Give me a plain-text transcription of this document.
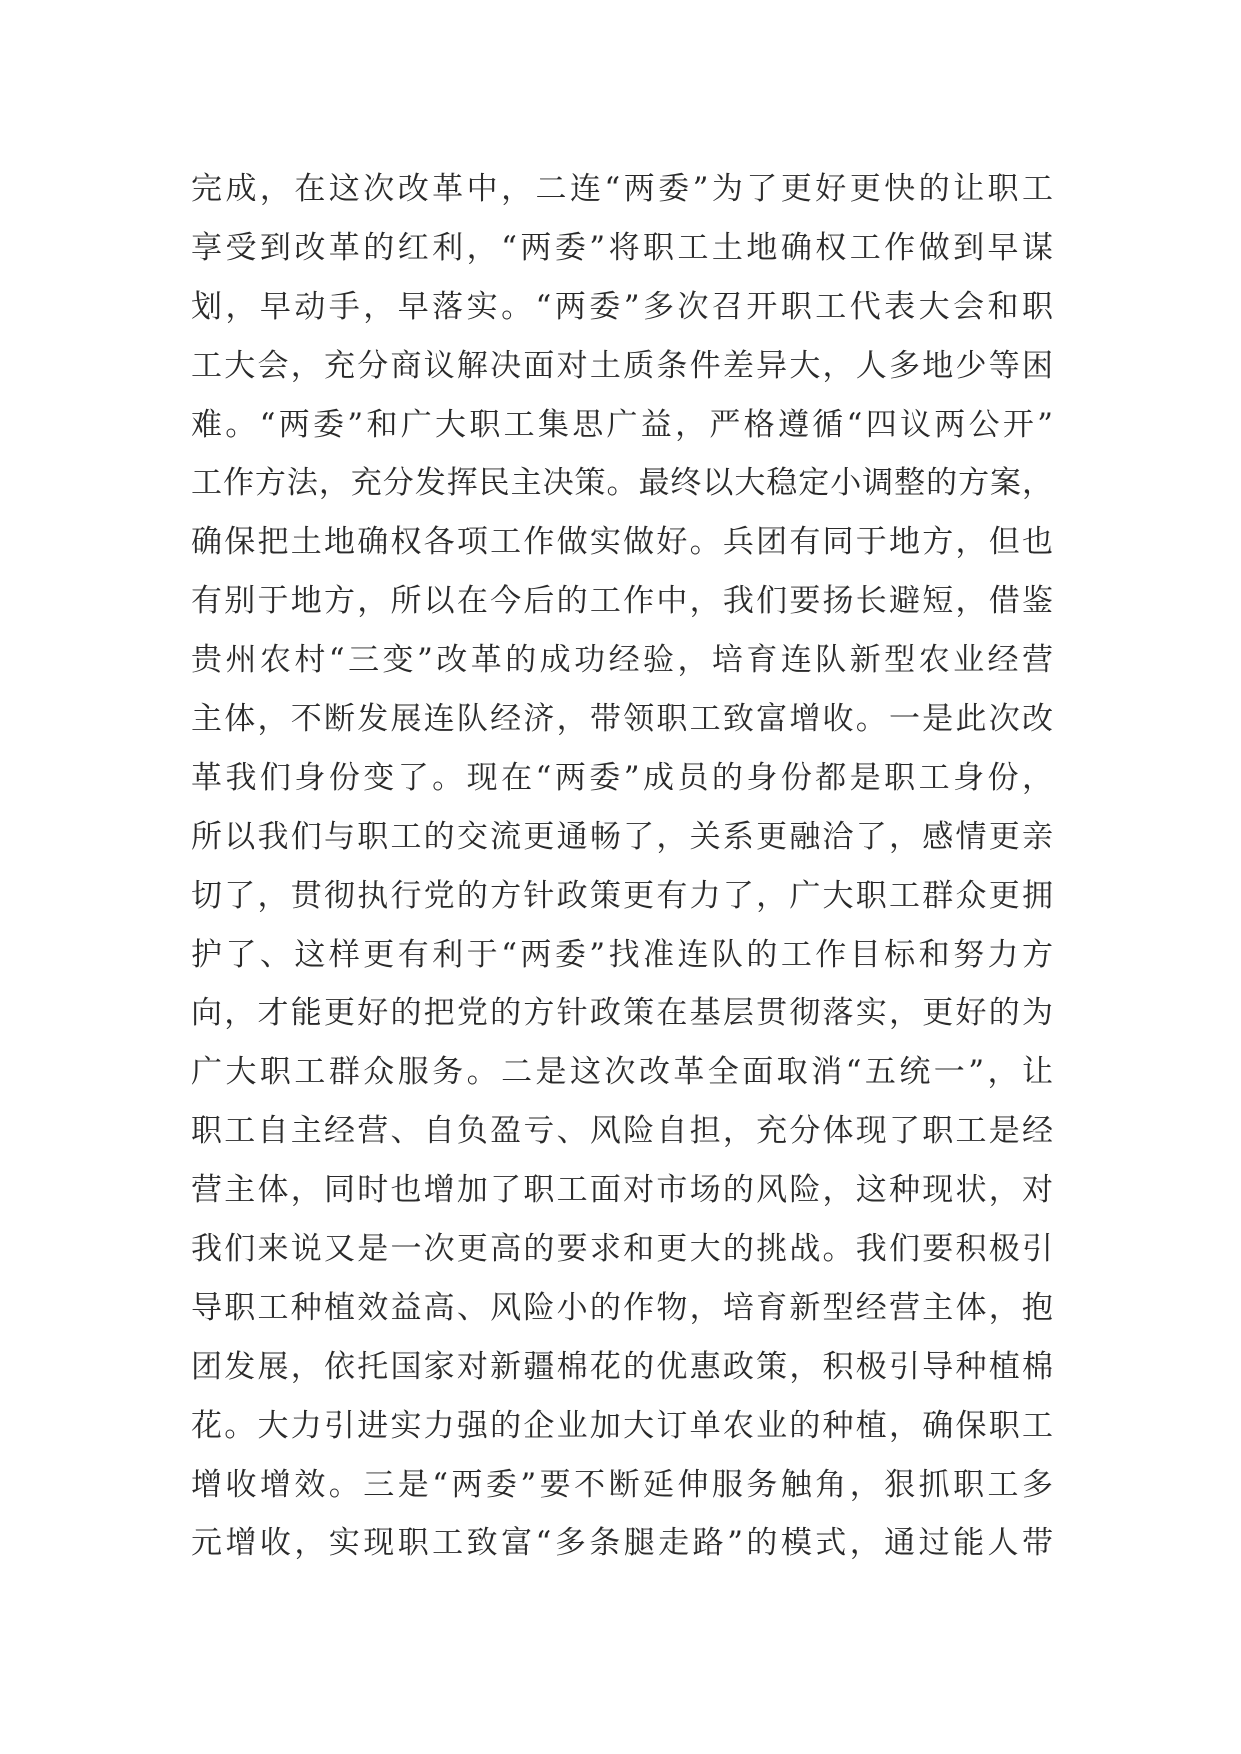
完成，在这次改革中，二连“两委”为了更好更快的让职工
享受到改革的红利，“两委”将职工土地确权工作做到早谋
划，早动手，早落实。“两委”多次召开职工代表大会和职
工大会，充分商议解决面对土质条件差异大，人多地少等困
难。“两委”和广大职工集思广益，严格遵循“四议两公开”
工作方法，充分发挥民主决策。最终以大稳定小调整的方案，
确保把土地确权各项工作做实做好。兵团有同于地方，但也
有别于地方，所以在今后的工作中，我们要扬长避短，借鉴
贵州农村“三变”改革的成功经验，培育连队新型农业经营
主体，不断发展连队经济，带领职工致富增收。一是此次改
革我们身份变了。现在“两委”成员的身份都是职工身份，
所以我们与职工的交流更通畅了，关系更融洽了，感情更亲
切了，贯彻执行党的方针政策更有力了，广大职工群众更拥
护了、这样更有利于“两委”找准连队的工作目标和努力方
向，才能更好的把党的方针政策在基层贯彻落实，更好的为
广大职工群众服务。二是这次改革全面取消“五统一”，让
职工自主经营、自负盈亏、风险自担，充分体现了职工是经
营主体，同时也增加了职工面对市场的风险，这种现状，对
我们来说又是一次更高的要求和更大的挑战。我们要积极引
导职工种植效益高、风险小的作物，培育新型经营主体，抱
团发展，依托国家对新疆棉花的优惠政策，积极引导种植棉
花。大力引进实力强的企业加大订单农业的种植，确保职工
增收增效。三是“两委”要不断延伸服务触角，狠抓职工多
元增收，实现职工致富“多条腿走路”的模式，通过能人带
